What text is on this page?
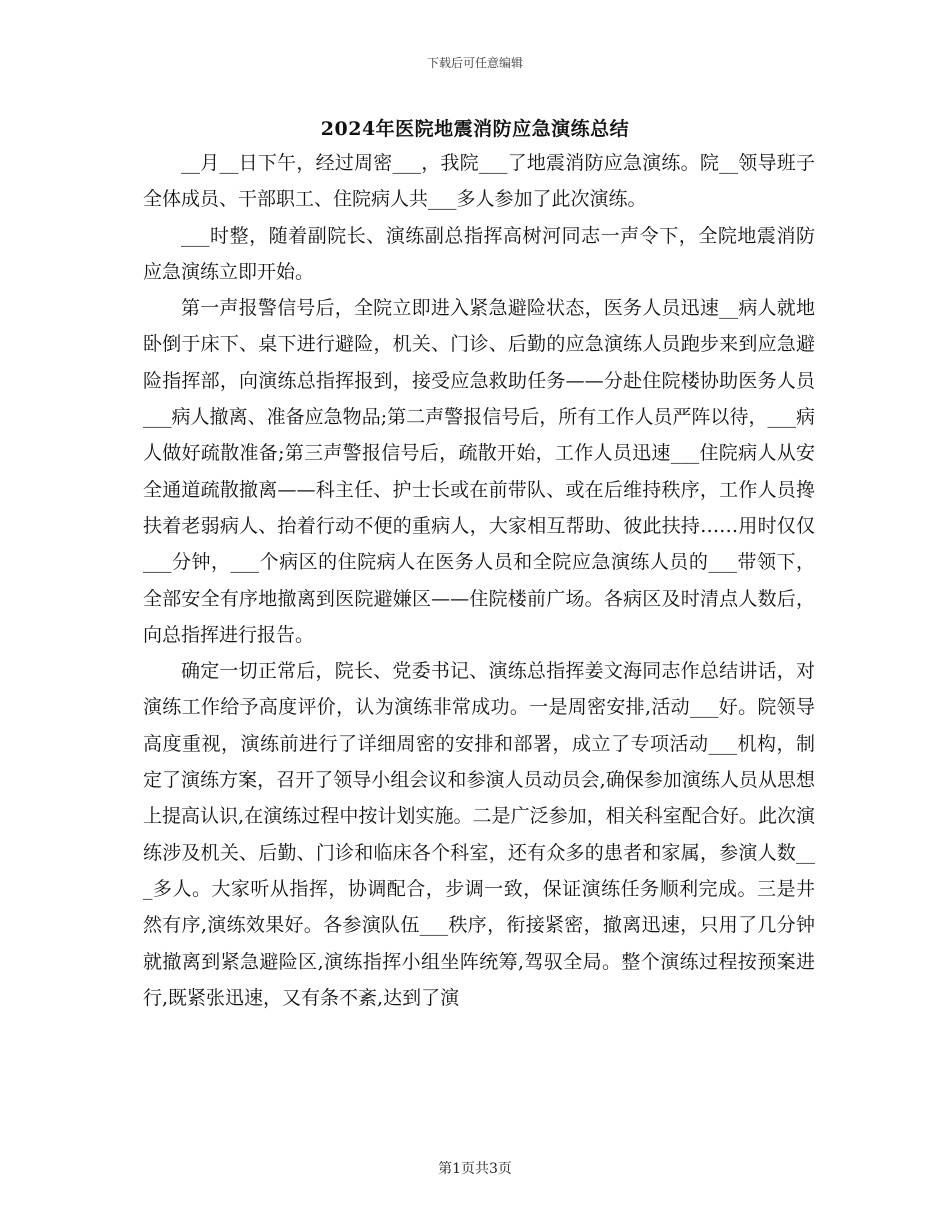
下载后可任意编辑
2024年医院地震消防应急演练总结

__月__日下午，经过周密___，我院___了地震消防应急演练。院__领导班子全体成员、干部职工、住院病人共___多人参加了此次演练。

___时整，随着副院长、演练副总指挥高树河同志一声令下，全院地震消防应急演练立即开始。

第一声报警信号后，全院立即进入紧急避险状态，医务人员迅速__病人就地卧倒于床下、桌下进行避险，机关、门诊、后勤的应急演练人员跑步来到应急避险指挥部，向演练总指挥报到，接受应急救助任务——分赴住院楼协助医务人员___病人撤离、准备应急物品;第二声警报信号后，所有工作人员严阵以待，___病人做好疏散准备;第三声警报信号后，疏散开始，工作人员迅速___住院病人从安全通道疏散撤离——科主任、护士长或在前带队、或在后维持秩序，工作人员搀扶着老弱病人、抬着行动不便的重病人，大家相互帮助、彼此扶持……用时仅仅___分钟，___个病区的住院病人在医务人员和全院应急演练人员的___带领下，全部安全有序地撤离到医院避嫌区——住院楼前广场。各病区及时清点人数后，向总指挥进行报告。

确定一切正常后，院长、党委书记、演练总指挥姜文海同志作总结讲话，对演练工作给予高度评价，认为演练非常成功。一是周密安排,活动___好。院领导高度重视，演练前进行了详细周密的安排和部署，成立了专项活动___机构，制定了演练方案，召开了领导小组会议和参演人员动员会,确保参加演练人员从思想上提高认识,在演练过程中按计划实施。二是广泛参加，相关科室配合好。此次演练涉及机关、后勤、门诊和临床各个科室，还有众多的患者和家属，参演人数___多人。大家听从指挥，协调配合，步调一致，保证演练任务顺利完成。三是井然有序,演练效果好。各参演队伍___秩序，衔接紧密，撤离迅速，只用了几分钟就撤离到紧急避险区,演练指挥小组坐阵统筹,驾驭全局。整个演练过程按预案进行,既紧张迅速，又有条不紊,达到了演

第1页共3页
